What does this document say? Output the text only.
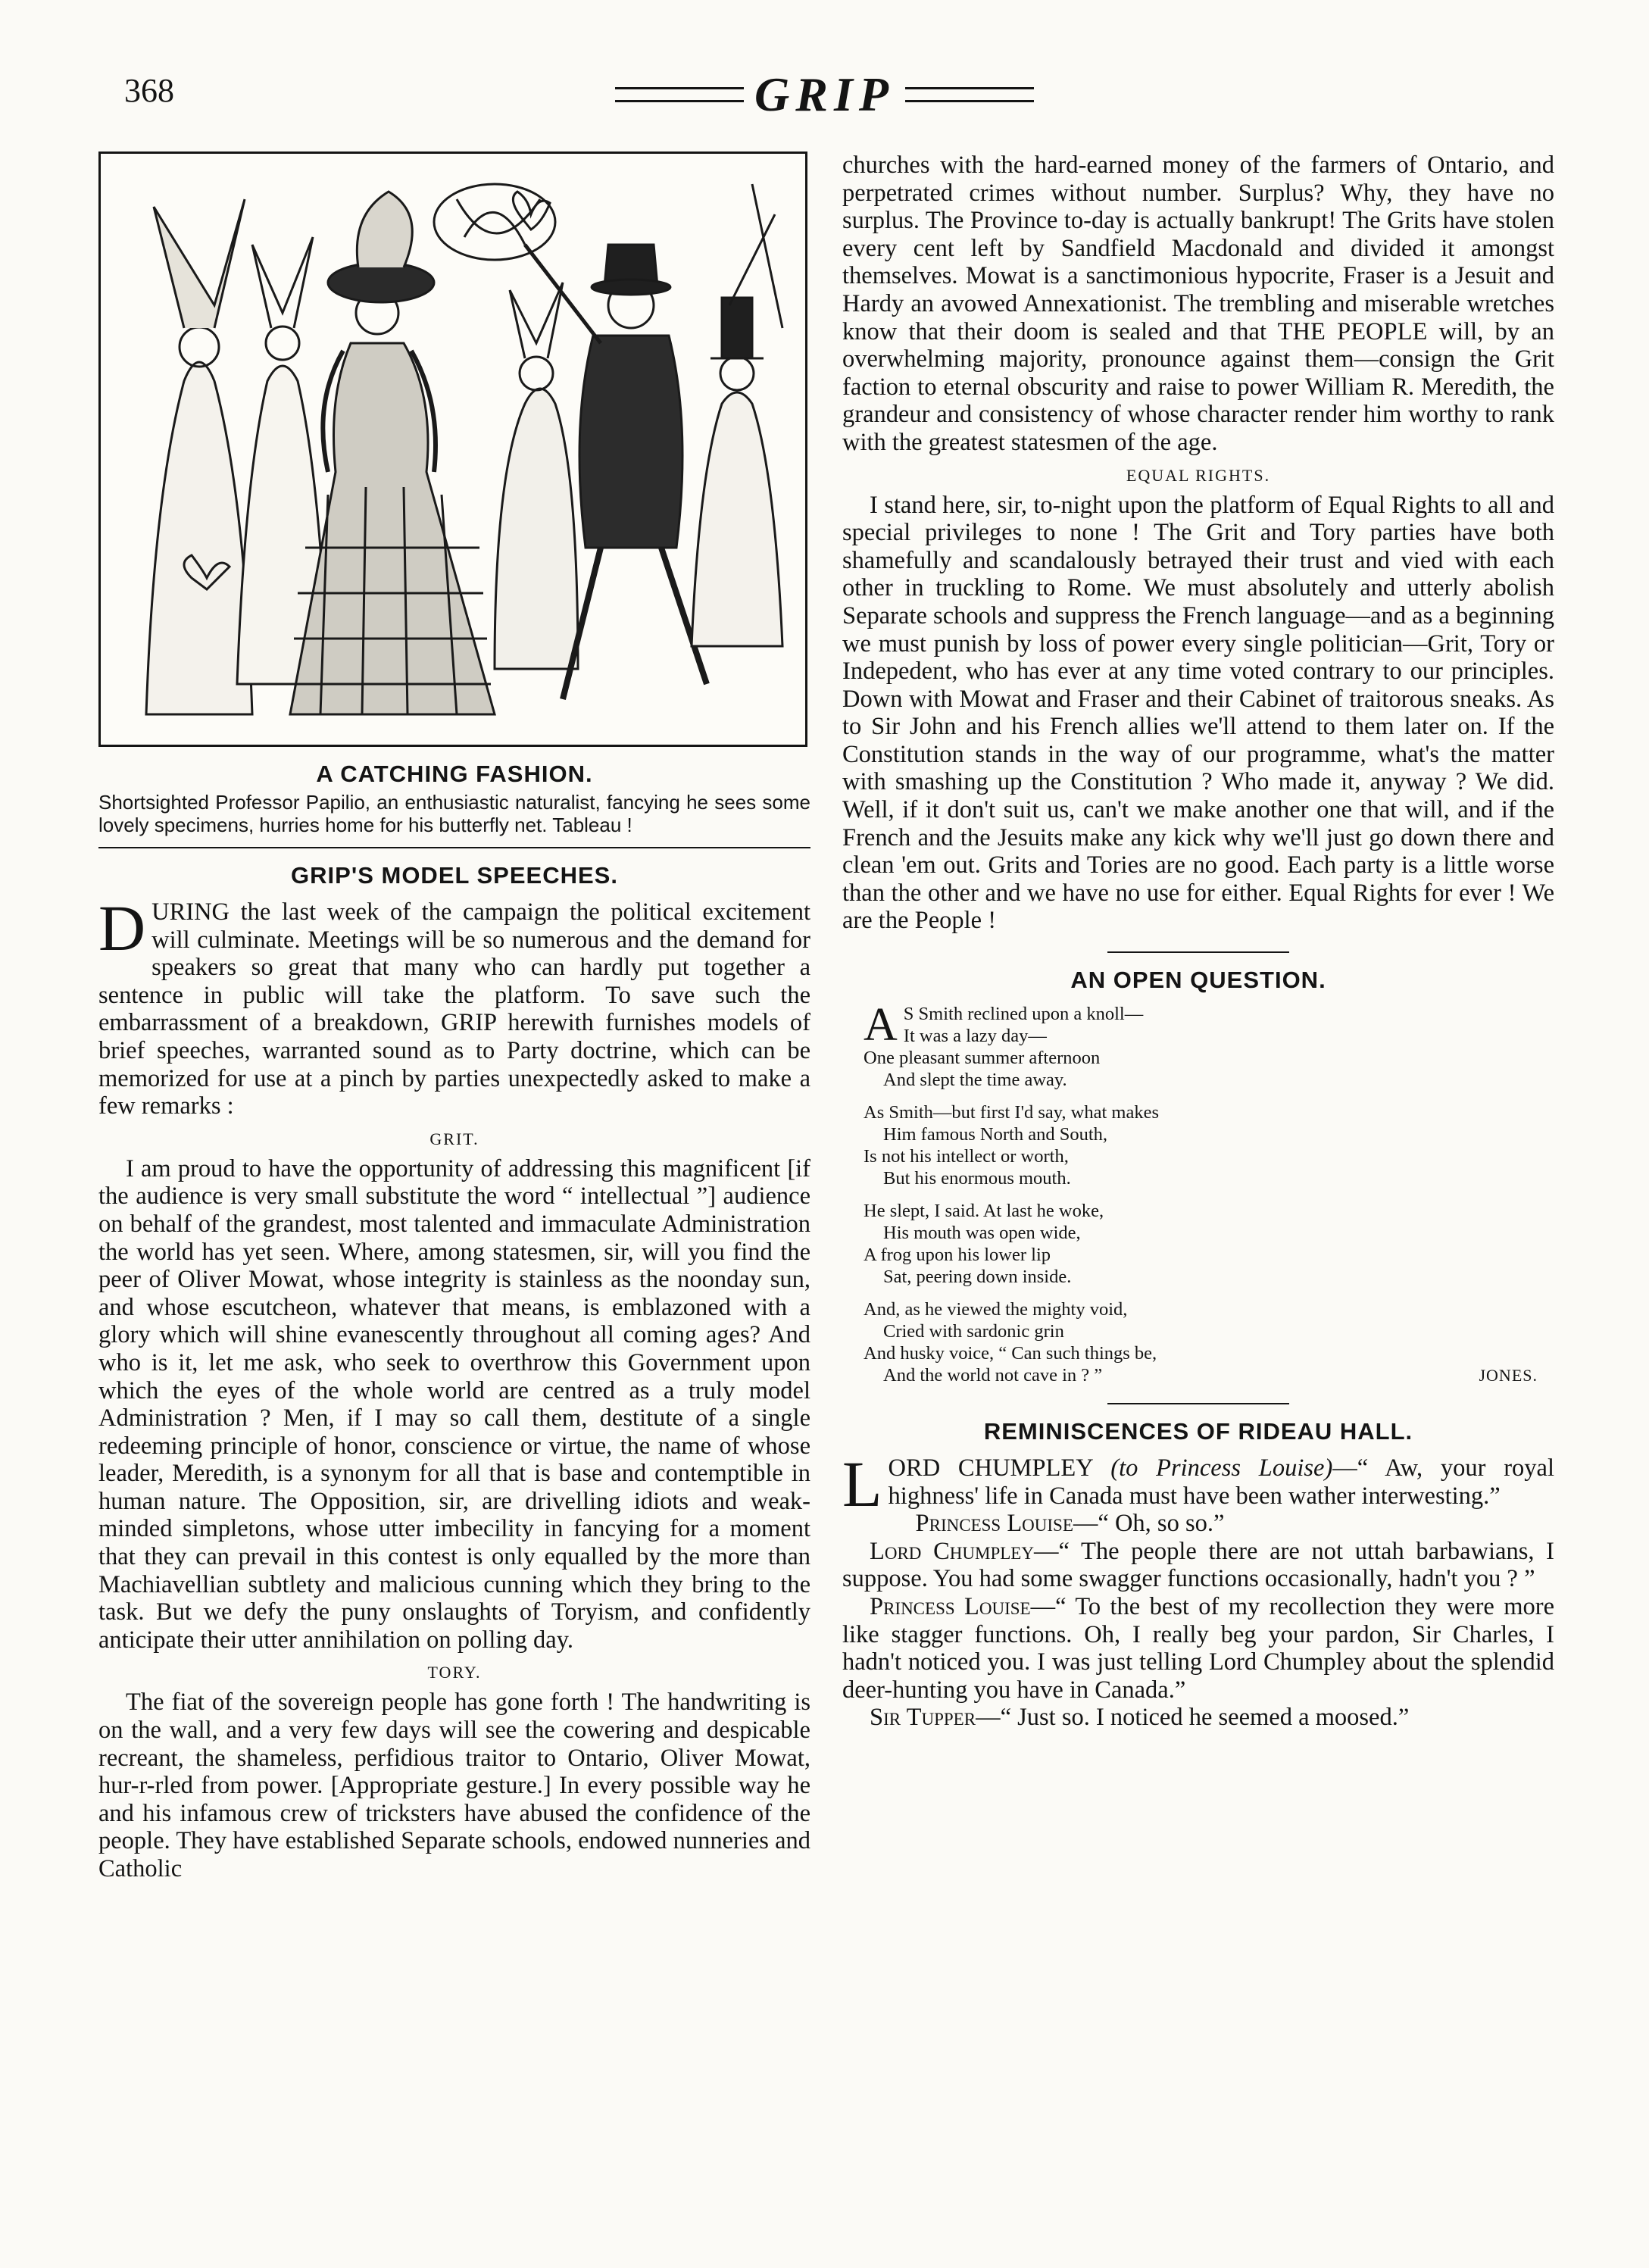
GRIP
368
A CATCHING FASHION.
Shortsighted Professor Papilio, an enthusiastic naturalist, fancying he sees some lovely specimens, hurries home for his butterfly net. Tableau !
GRIP'S MODEL SPEECHES.

DURING the last week of the campaign the political excitement will culminate. Meetings will be so numerous and the demand for speakers so great that many who can hardly put together a sentence in public will take the platform. To save such the embarrassment of a breakdown, GRIP herewith furnishes models of brief speeches, warranted sound as to Party doctrine, which can be memorized for use at a pinch by parties unexpectedly asked to make a few remarks :

GRIT.

I am proud to have the opportunity of addressing this magnificent [if the audience is very small substitute the word “ intellectual ”] audience on behalf of the grandest, most talented and immaculate Administration the world has yet seen. Where, among statesmen, sir, will you find the peer of Oliver Mowat, whose integrity is stainless as the noonday sun, and whose escutcheon, whatever that means, is emblazoned with a glory which will shine evanescently throughout all coming ages? And who is it, let me ask, who seek to overthrow this Government upon which the eyes of the whole world are centred as a truly model Administration ? Men, if I may so call them, destitute of a single redeeming principle of honor, conscience or virtue, the name of whose leader, Meredith, is a synonym for all that is base and contemptible in human nature. The Opposition, sir, are drivelling idiots and weak-minded simpletons, whose utter imbecility in fancying for a moment that they can prevail in this contest is only equalled by the more than Machiavellian subtlety and malicious cunning which they bring to the task. But we defy the puny onslaughts of Toryism, and confidently anticipate their utter annihilation on polling day.

TORY.

The fiat of the sovereign people has gone forth ! The handwriting is on the wall, and a very few days will see the cowering and despicable recreant, the shameless, perfidious traitor to Ontario, Oliver Mowat, hur-r-rled from power. [Appropriate gesture.] In every possible way he and his infamous crew of tricksters have abused the confidence of the people. They have established Separate schools, endowed nunneries and Catholic

churches with the hard-earned money of the farmers of Ontario, and perpetrated crimes without number. Surplus? Why, they have no surplus. The Province to-day is actually bankrupt! The Grits have stolen every cent left by Sandfield Macdonald and divided it amongst themselves. Mowat is a sanctimonious hypocrite, Fraser is a Jesuit and Hardy an avowed Annexationist. The trembling and miserable wretches know that their doom is sealed and that THE PEOPLE will, by an overwhelming majority, pronounce against them—consign the Grit faction to eternal obscurity and raise to power William R. Meredith, the grandeur and consistency of whose character render him worthy to rank with the greatest statesmen of the age.

EQUAL RIGHTS.

I stand here, sir, to-night upon the platform of Equal Rights to all and special privileges to none ! The Grit and Tory parties have both shamefully and scandalously betrayed their trust and vied with each other in truckling to Rome. We must absolutely and utterly abolish Separate schools and suppress the French language—and as a beginning we must punish by loss of power every single politician—Grit, Tory or Indepedent, who has ever at any time voted contrary to our principles. Down with Mowat and Fraser and their Cabinet of traitorous sneaks. As to Sir John and his French allies we'll attend to them later on. If the Constitution stands in the way of our programme, what's the matter with smashing up the Constitution ? Who made it, anyway ? We did. Well, if it don't suit us, can't we make another one that will, and if the French and the Jesuits make any kick why we'll just go down there and clean 'em out. Grits and Tories are no good. Each party is a little worse than the other and we have no use for either. Equal Rights for ever ! We are the People !

AN OPEN QUESTION.
A S Smith reclined upon a knoll—
It was a lazy day—
One pleasant summer afternoon
And slept the time away.
As Smith—but first I'd say, what makes
Him famous North and South,
Is not his intellect or worth,
But his enormous mouth.
He slept, I said. At last he woke,
His mouth was open wide,
A frog upon his lower lip
Sat, peering down inside.
And, as he viewed the mighty void,
Cried with sardonic grin
And husky voice, “ Can such things be,
And the world not cave in ? ”	JONES.
REMINISCENCES OF RIDEAU HALL.

LORD CHUMPLEY (to Princess Louise)—“ Aw, your royal highness' life in Canada must have been wather interwesting.”

Princess Louise—“ Oh, so so.”

Lord Chumpley—“ The people there are not uttah barbawians, I suppose. You had some swagger functions occasionally, hadn't you ? ”

Princess Louise—“ To the best of my recollection they were more like stagger functions. Oh, I really beg your pardon, Sir Charles, I hadn't noticed you. I was just telling Lord Chumpley about the splendid deer-hunting you have in Canada.”

Sir Tupper—“ Just so. I noticed he seemed a moosed.”
